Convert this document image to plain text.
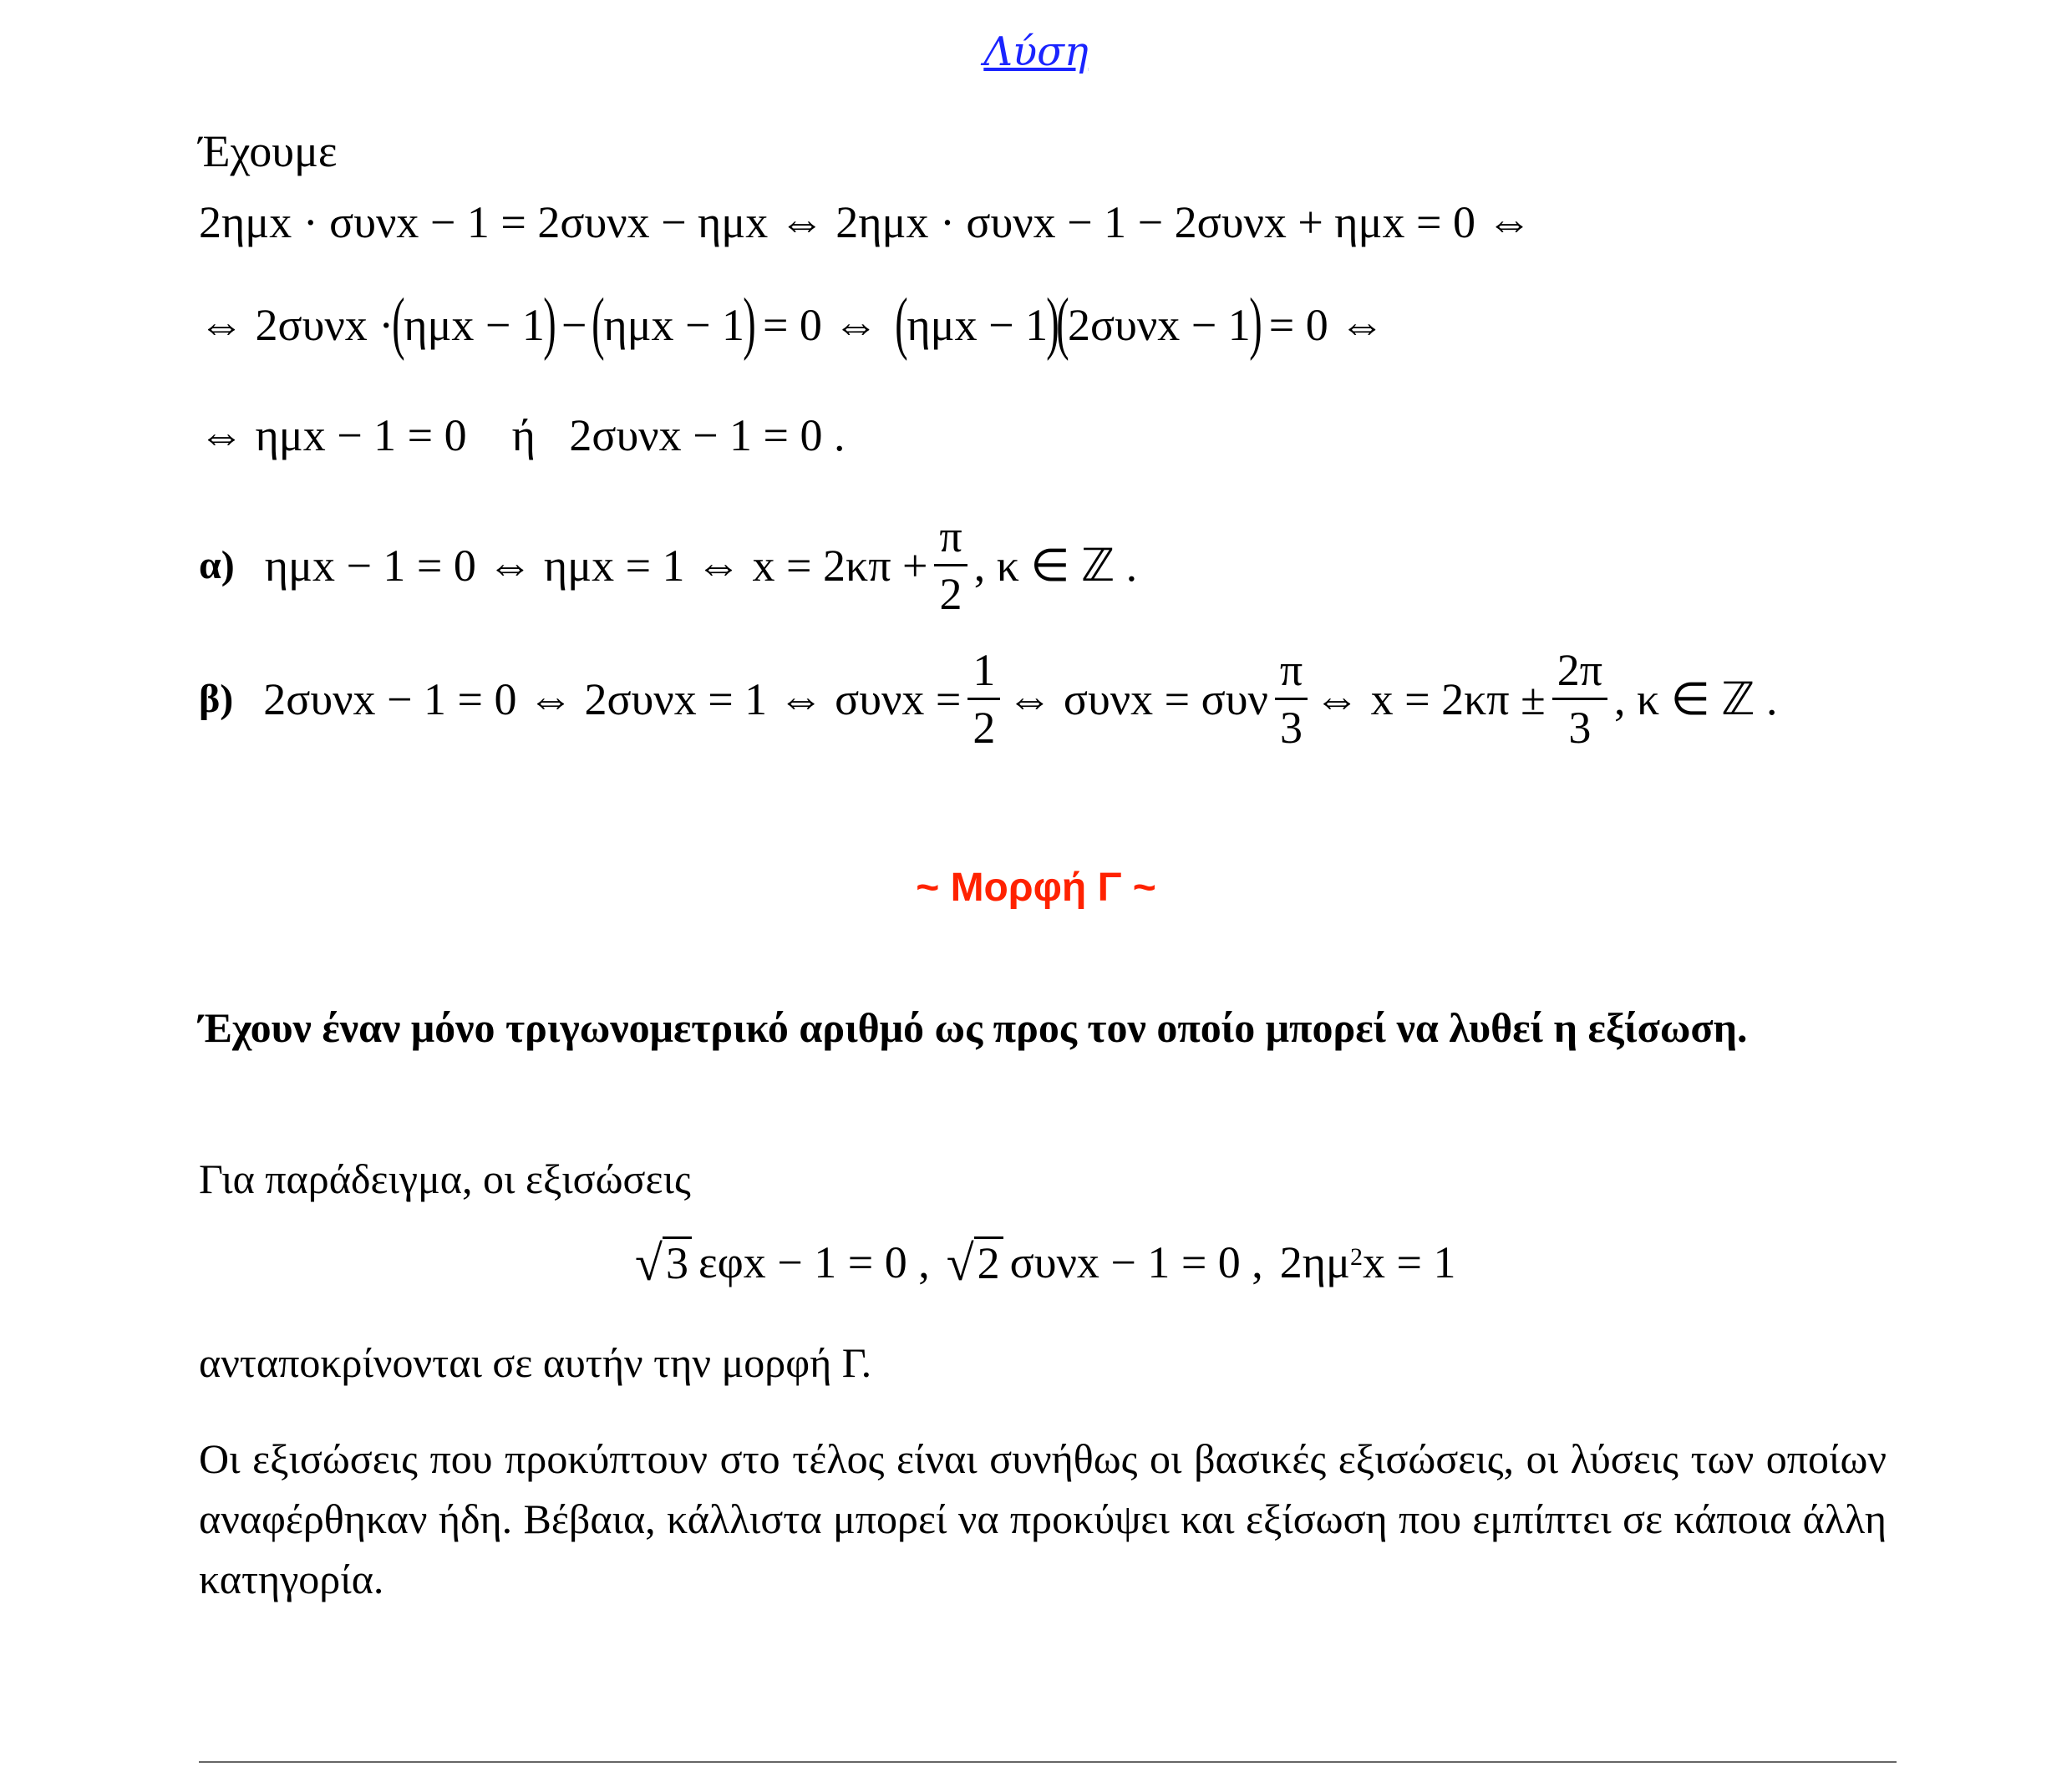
Λύση
Έχουμε
2ημx · συνx − 1 = 2συνx − ημx ⇔ 2ημx · συνx − 1 − 2συνx + ημx = 0 ⇔
⇔ 2συνx ·
(
ημx − 1
) − (
ημx − 1
) = 0 ⇔ (
ημx − 1
)
(
2συνx − 1
) = 0 ⇔
⇔ ημx − 1 = 0    ή   2συνx − 1 = 0 .
α) ημx − 1 = 0 ⇔ ημx = 1 ⇔ $x = 2\kappa\pi + \frac{\pi}{2}$ , κ ∈ ℤ .
β) 2συνx − 1 = 0 ⇔ 2συνx = 1 ⇔ $\sigma\upsilon\nu x = \frac{1}{2}$ ⇔ συνx = συν $\frac{\pi}{3}$ ⇔ $x = 2\kappa\pi \pm \frac{2\pi}{3}$ , κ ∈ ℤ .
~ Μορφή Γ ~
Έχουν έναν μόνο τριγωνομετρικό αριθμό ως προς τον οποίο μπορεί να λυθεί η εξίσωση.
Για παράδειγμα, οι εξισώσεις
√ 3 εφx − 1 = 0 , √ 2 συνx − 1 = 0 , $2\eta\mu^2$ x = 1
ανταποκρίνονται σε αυτήν την μορφή Γ.
Οι εξισώσεις που προκύπτουν στο τέλος είναι συνήθως οι βασικές εξισώσεις, οι λύσεις των οποίων αναφέρθηκαν ήδη. Βέβαια, κάλλιστα μπορεί να προκύψει και εξίσωση που εμπίπτει σε κάποια άλλη κατηγορία.
